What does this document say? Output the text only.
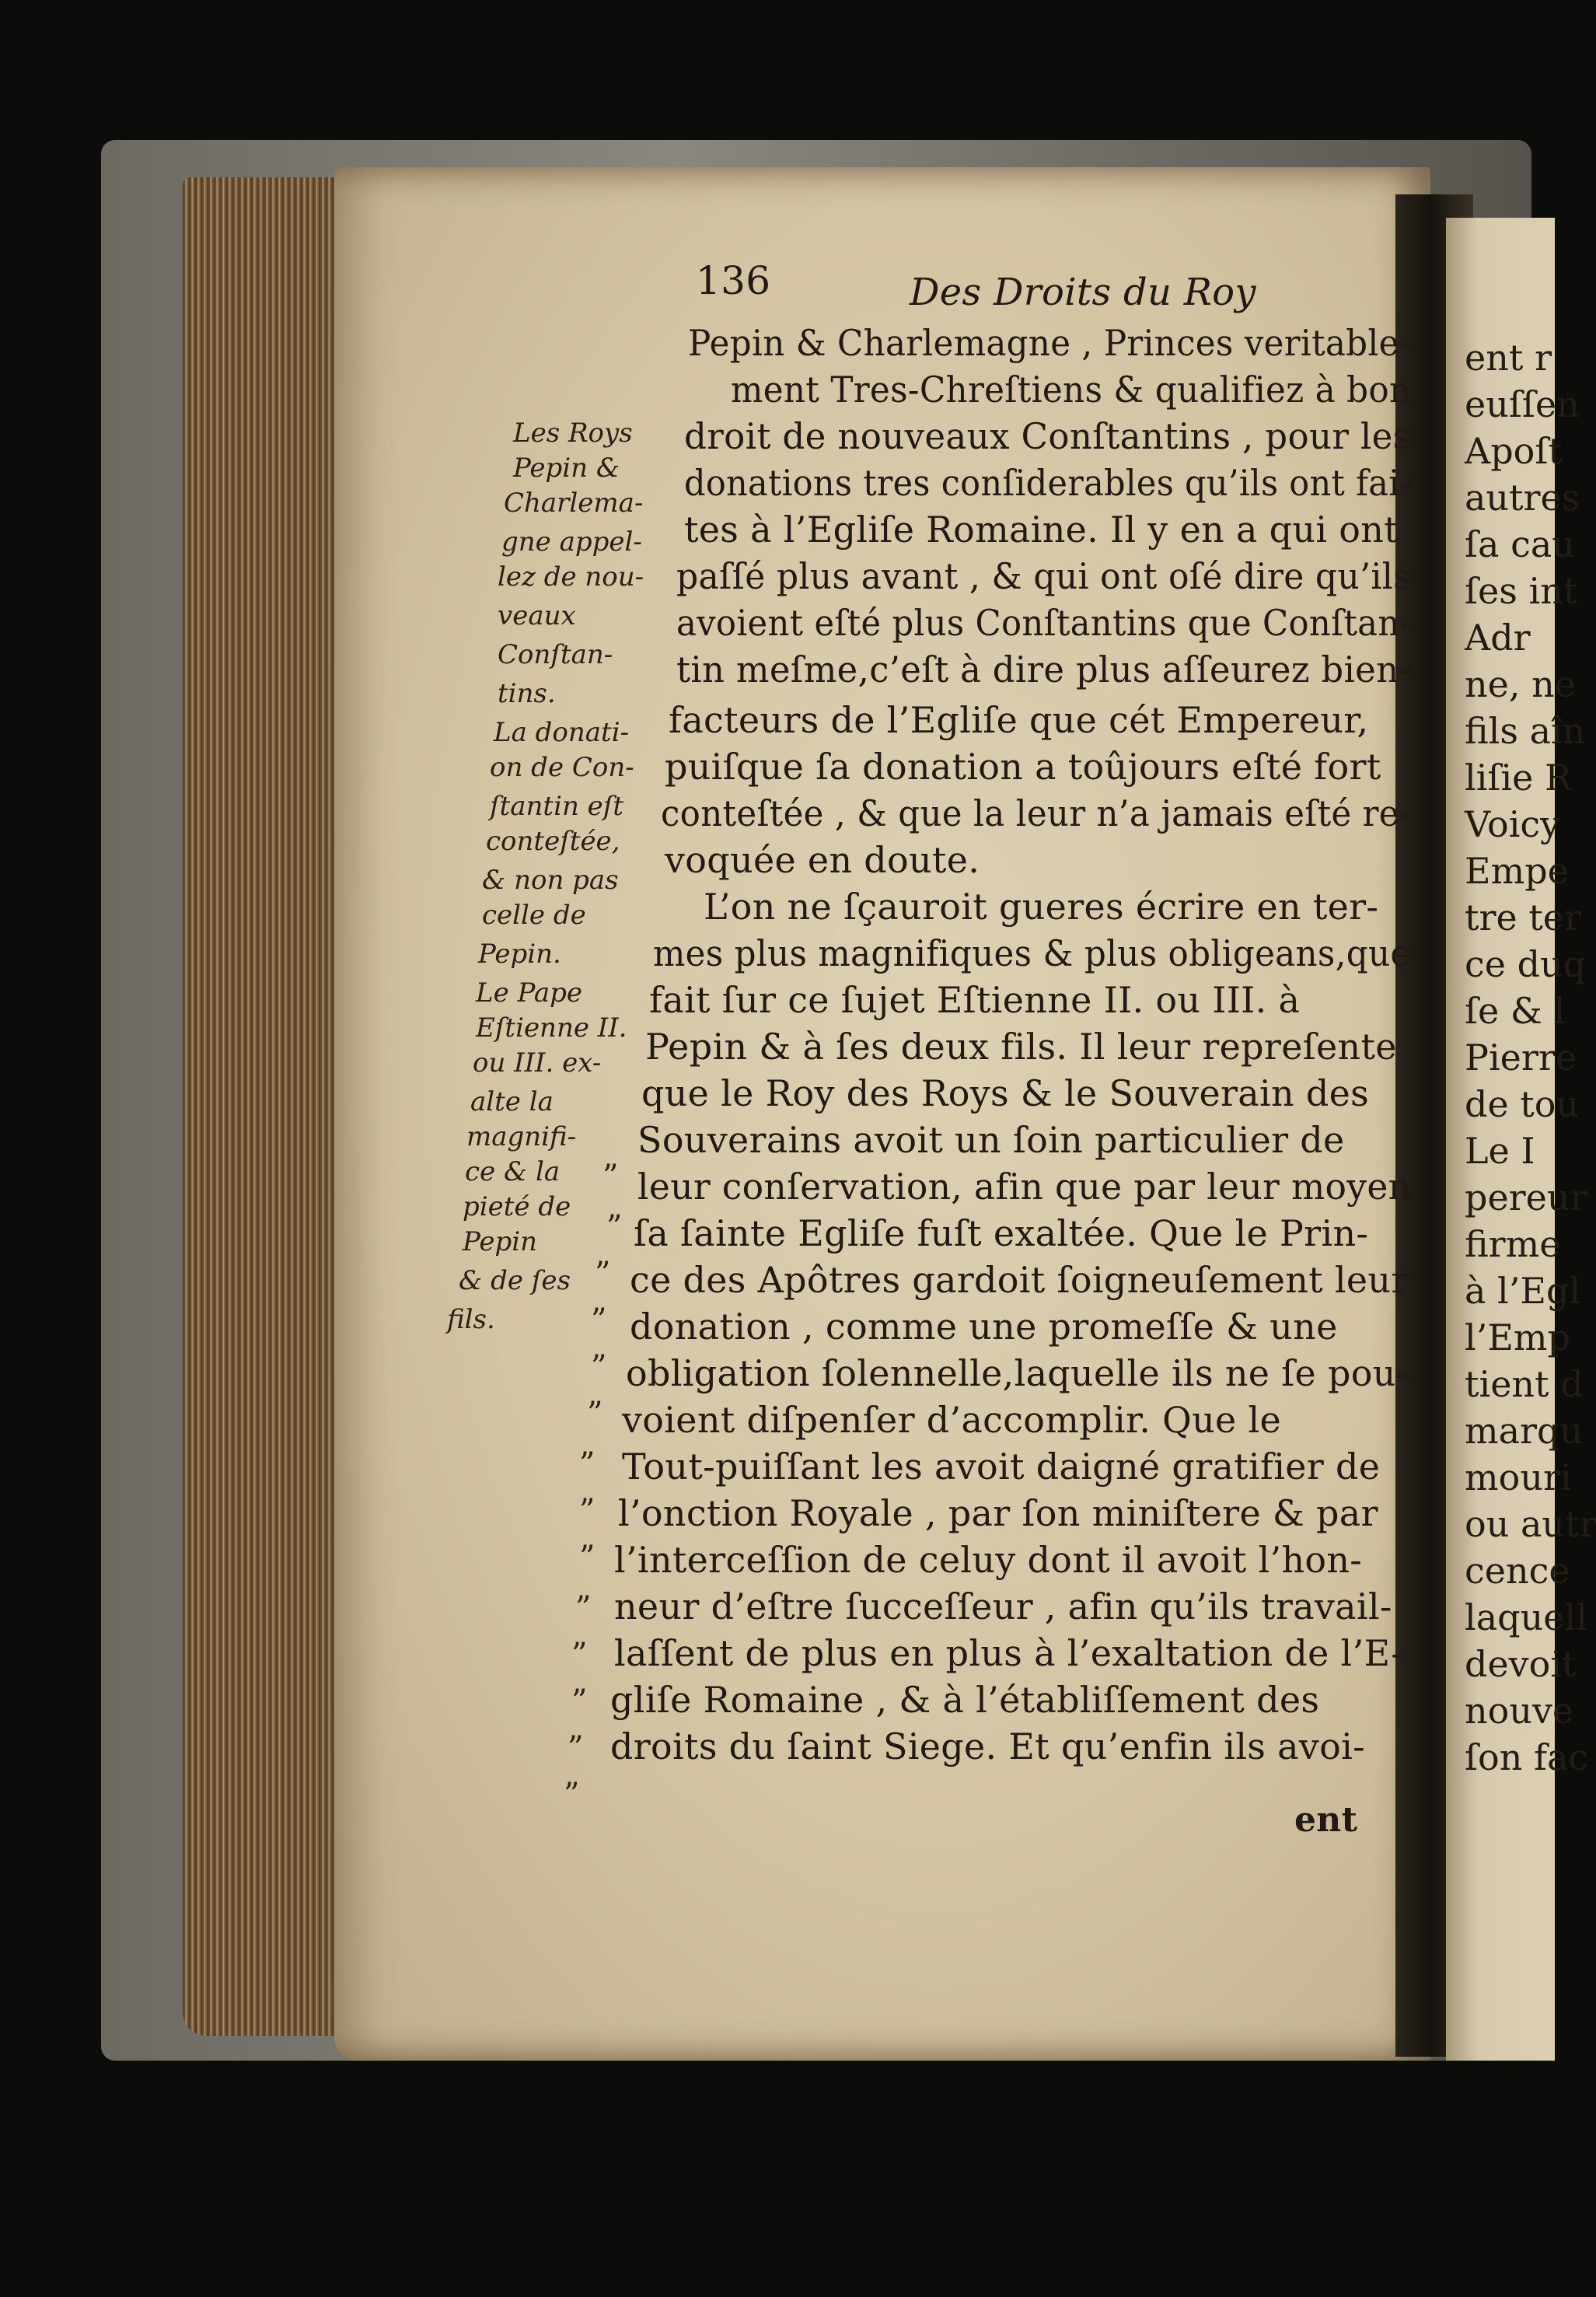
ent r
euſſen
Apoſt
autres
ſa cau
ſes int
Adr
ne, ne
fils aîn
liſie R
Voicy
Empe
tre ter
ce duq
ſe & l
Pierre
de tou
Le I
pereur
firme
à l’Egl
l’Emp
tient d
marqu
mouri
ou autr
cence
laquell
devoit
nouve
ſon fac
136	Des Droits du Roy
Pepin & Charlemagne , Princes veritable-
ment Tres-Chreſtiens & qualifiez à bon
droit de nouveaux Conſtantins , pour les
donations tres conſiderables qu’ils ont fai-
tes à l’Egliſe Romaine. Il y en a qui ont
paſſé plus avant , & qui ont oſé dire qu’ils
avoient eſté plus Conſtantins que Conſtan-
tin meſme,c’eſt à dire plus aſſeurez bien-
facteurs de l’Egliſe que cét Empereur,
puiſque ſa donation a toûjours eſté fort
conteſtée , & que la leur n’a jamais eſté re-
voquée en doute.
L’on ne ſçauroit gueres écrire en ter-
mes plus magnifiques & plus obligeans,que
fait ſur ce ſujet Eſtienne II. ou III. à
Pepin & à ſes deux fils. Il leur repreſente
que le Roy des Roys & le Souverain des
Souverains avoit un ſoin particulier de
leur conſervation, afin que par leur moyen
ſa ſainte Egliſe fuſt exaltée. Que le Prin-
ce des Apôtres gardoit ſoigneuſement leur
donation , comme une promeſſe & une
obligation ſolennelle,laquelle ils ne ſe pou-
voient diſpenſer d’accomplir. Que le
Tout-puiſſant les avoit daigné gratifier de
l’onction Royale , par ſon miniſtere & par
l’interceſſion de celuy dont il avoit l’hon-
neur d’eſtre ſucceſſeur , afin qu’ils travail-
laſſent de plus en plus à l’exaltation de l’E-
gliſe Romaine , & à l’établiſſement des
droits du ſaint Siege. Et qu’enfin ils avoi-
Les Roys
Pepin &
Charlema-
gne appel-
lez de nou-
veaux
Conſtan-
tins.
La donati-
on de Con-
ſtantin eſt
conteſtée,
& non pas
celle de
Pepin.
Le Pape
Eſtienne II.
ou III. ex-
alte la
magnifi-
ce & la
pieté de
Pepin
& de ſes
fils.
”
”
”
”
”
”
”
”
”
”
”
”
”
”
ent
